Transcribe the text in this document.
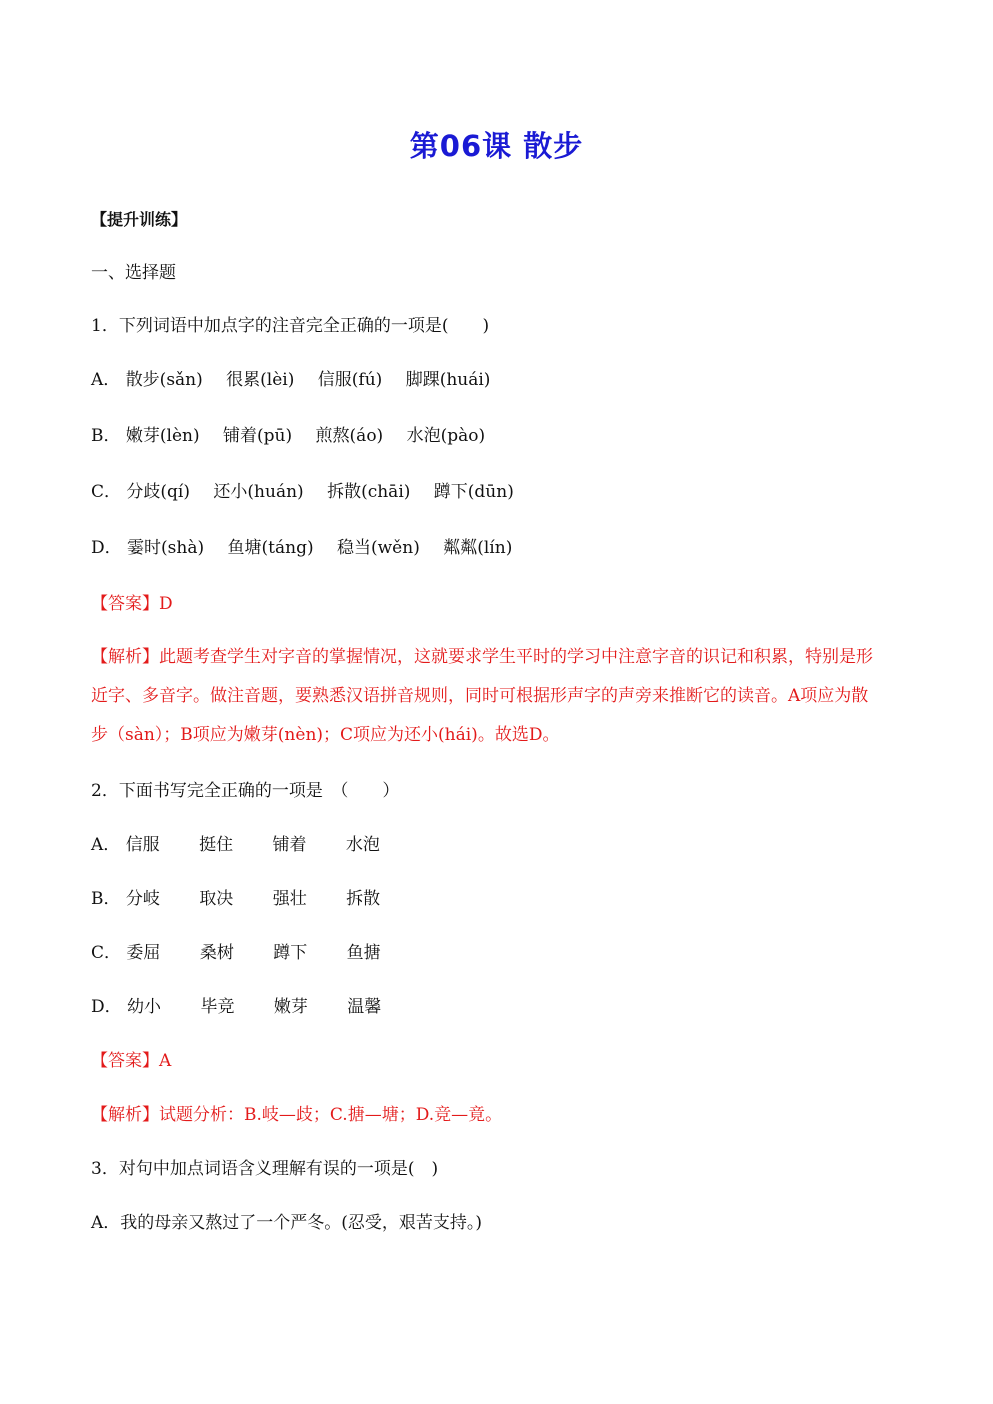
第06课 散步
【提升训练】
一、选择题
1．下列词语中加点字的注音完全正确的一项是(　　)
A． 散步(sǎn) 很累(lèi) 信服(fú) 脚踝(huái)
B． 嫩芽(lèn) 铺着(pū) 煎熬(áo) 水泡(pào)
C． 分歧(qí) 还小(huán) 拆散(chāi) 蹲下(dūn)
D． 霎时(shà) 鱼塘(táng) 稳当(wěn) 粼粼(lín)
【答案】D
【解析】此题考查学生对字音的掌握情况，这就要求学生平时的学习中注意字音的识记和积累，特别是形
近字、多音字。做注音题，要熟悉汉语拼音规则，同时可根据形声字的声旁来推断它的读音。A项应为散
步（sàn）；B项应为嫩芽(nèn)；C项应为还小(hái)。故选D。
2．下面书写完全正确的一项是　（　　）
A． 信服 挺住 铺着 水泡
B． 分岐 取决 强壮 拆散
C． 委屈 桑树 蹲下 鱼搪
D． 幼小 毕竞 嫩芽 温馨
【答案】A
【解析】试题分析：B.岐—歧；C.搪—塘；D.竞—竟。
3．对句中加点词语含义理解有误的一项是(　)
A．我的母亲又熬过了一个严冬。(忍受，艰苦支持。)
